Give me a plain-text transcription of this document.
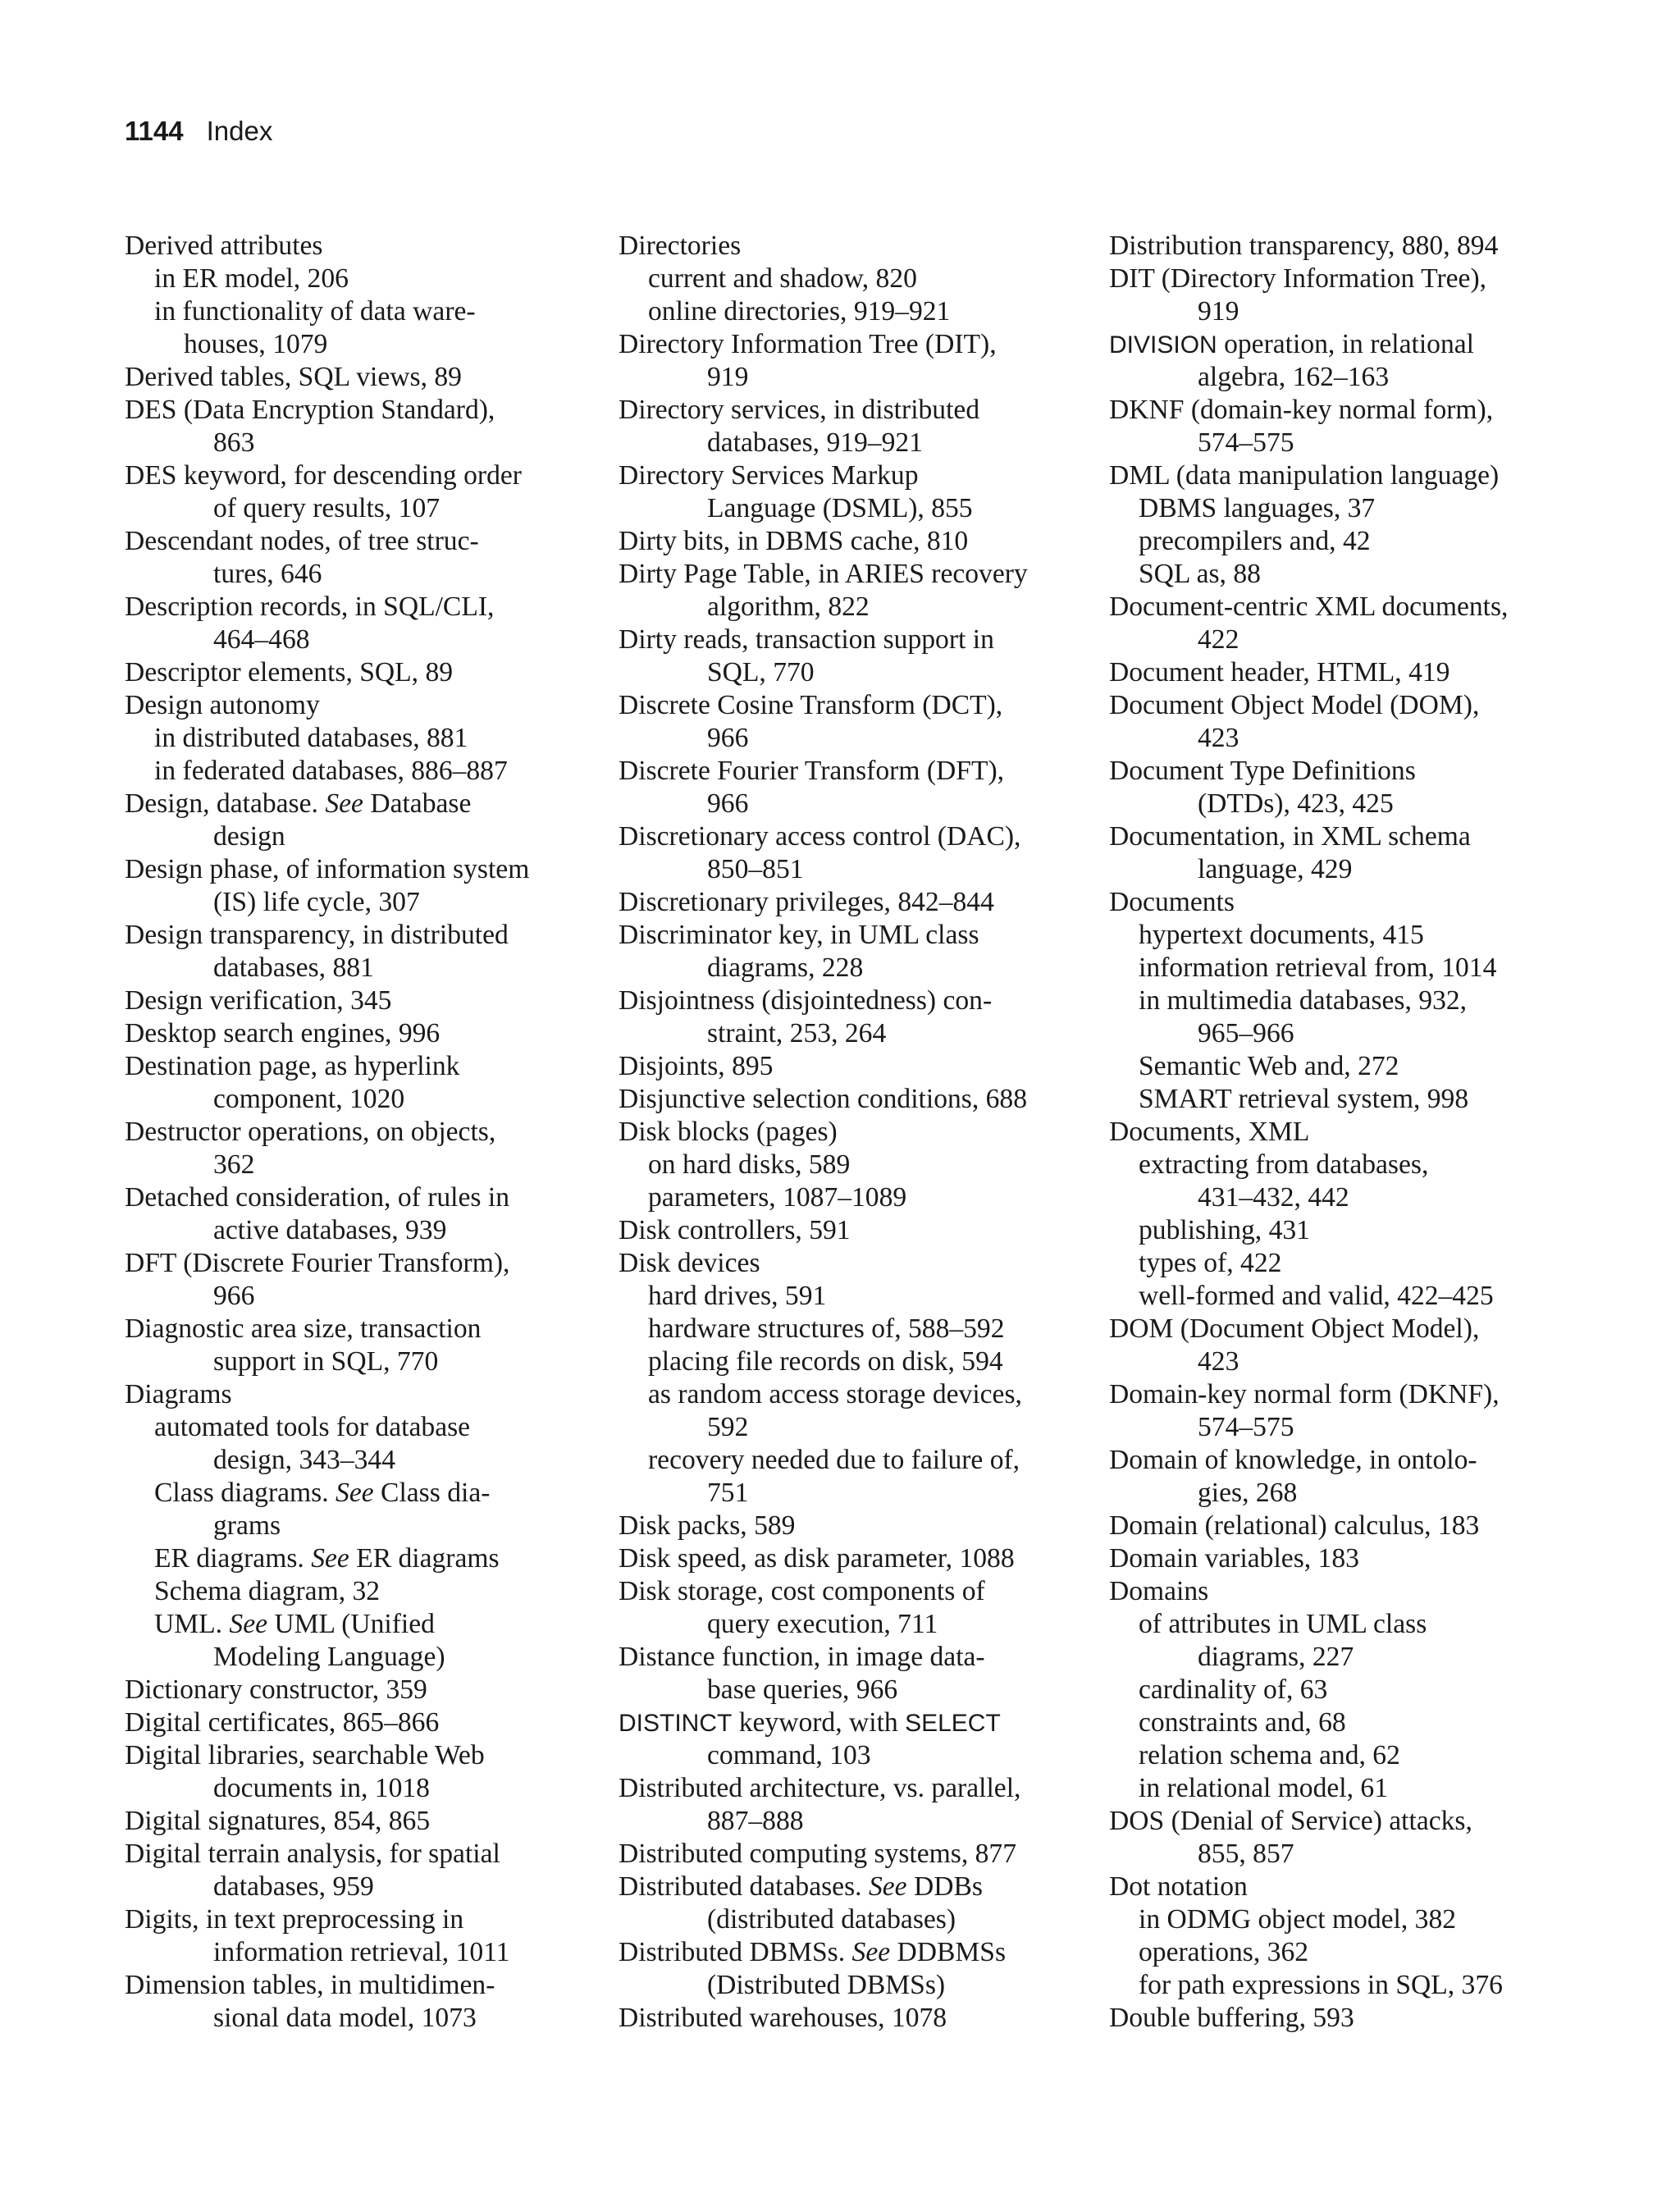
1144 Index
Derived attributes
in ER model, 206
in functionality of data ware-
houses, 1079
Derived tables, SQL views, 89
DES (Data Encryption Standard),
863
DES keyword, for descending order
of query results, 107
Descendant nodes, of tree struc-
tures, 646
Description records, in SQL/CLI,
464–468
Descriptor elements, SQL, 89
Design autonomy
in distributed databases, 881
in federated databases, 886–887
Design, database. See Database
design
Design phase, of information system
(IS) life cycle, 307
Design transparency, in distributed
databases, 881
Design verification, 345
Desktop search engines, 996
Destination page, as hyperlink
component, 1020
Destructor operations, on objects,
362
Detached consideration, of rules in
active databases, 939
DFT (Discrete Fourier Transform),
966
Diagnostic area size, transaction
support in SQL, 770
Diagrams
automated tools for database
design, 343–344
Class diagrams. See Class dia-
grams
ER diagrams. See ER diagrams
Schema diagram, 32
UML. See UML (Unified
Modeling Language)
Dictionary constructor, 359
Digital certificates, 865–866
Digital libraries, searchable Web
documents in, 1018
Digital signatures, 854, 865
Digital terrain analysis, for spatial
databases, 959
Digits, in text preprocessing in
information retrieval, 1011
Dimension tables, in multidimen-
sional data model, 1073
Directories
current and shadow, 820
online directories, 919–921
Directory Information Tree (DIT),
919
Directory services, in distributed
databases, 919–921
Directory Services Markup
Language (DSML), 855
Dirty bits, in DBMS cache, 810
Dirty Page Table, in ARIES recovery
algorithm, 822
Dirty reads, transaction support in
SQL, 770
Discrete Cosine Transform (DCT),
966
Discrete Fourier Transform (DFT),
966
Discretionary access control (DAC),
850–851
Discretionary privileges, 842–844
Discriminator key, in UML class
diagrams, 228
Disjointness (disjointedness) con-
straint, 253, 264
Disjoints, 895
Disjunctive selection conditions, 688
Disk blocks (pages)
on hard disks, 589
parameters, 1087–1089
Disk controllers, 591
Disk devices
hard drives, 591
hardware structures of, 588–592
placing file records on disk, 594
as random access storage devices,
592
recovery needed due to failure of,
751
Disk packs, 589
Disk speed, as disk parameter, 1088
Disk storage, cost components of
query execution, 711
Distance function, in image data-
base queries, 966
DISTINCT keyword, with SELECT
command, 103
Distributed architecture, vs. parallel,
887–888
Distributed computing systems, 877
Distributed databases. See DDBs
(distributed databases)
Distributed DBMSs. See DDBMSs
(Distributed DBMSs)
Distributed warehouses, 1078
Distribution transparency, 880, 894
DIT (Directory Information Tree),
919
DIVISION operation, in relational
algebra, 162–163
DKNF (domain-key normal form),
574–575
DML (data manipulation language)
DBMS languages, 37
precompilers and, 42
SQL as, 88
Document-centric XML documents,
422
Document header, HTML, 419
Document Object Model (DOM),
423
Document Type Definitions
(DTDs), 423, 425
Documentation, in XML schema
language, 429
Documents
hypertext documents, 415
information retrieval from, 1014
in multimedia databases, 932,
965–966
Semantic Web and, 272
SMART retrieval system, 998
Documents, XML
extracting from databases,
431–432, 442
publishing, 431
types of, 422
well-formed and valid, 422–425
DOM (Document Object Model),
423
Domain-key normal form (DKNF),
574–575
Domain of knowledge, in ontolo-
gies, 268
Domain (relational) calculus, 183
Domain variables, 183
Domains
of attributes in UML class
diagrams, 227
cardinality of, 63
constraints and, 68
relation schema and, 62
in relational model, 61
DOS (Denial of Service) attacks,
855, 857
Dot notation
in ODMG object model, 382
operations, 362
for path expressions in SQL, 376
Double buffering, 593
